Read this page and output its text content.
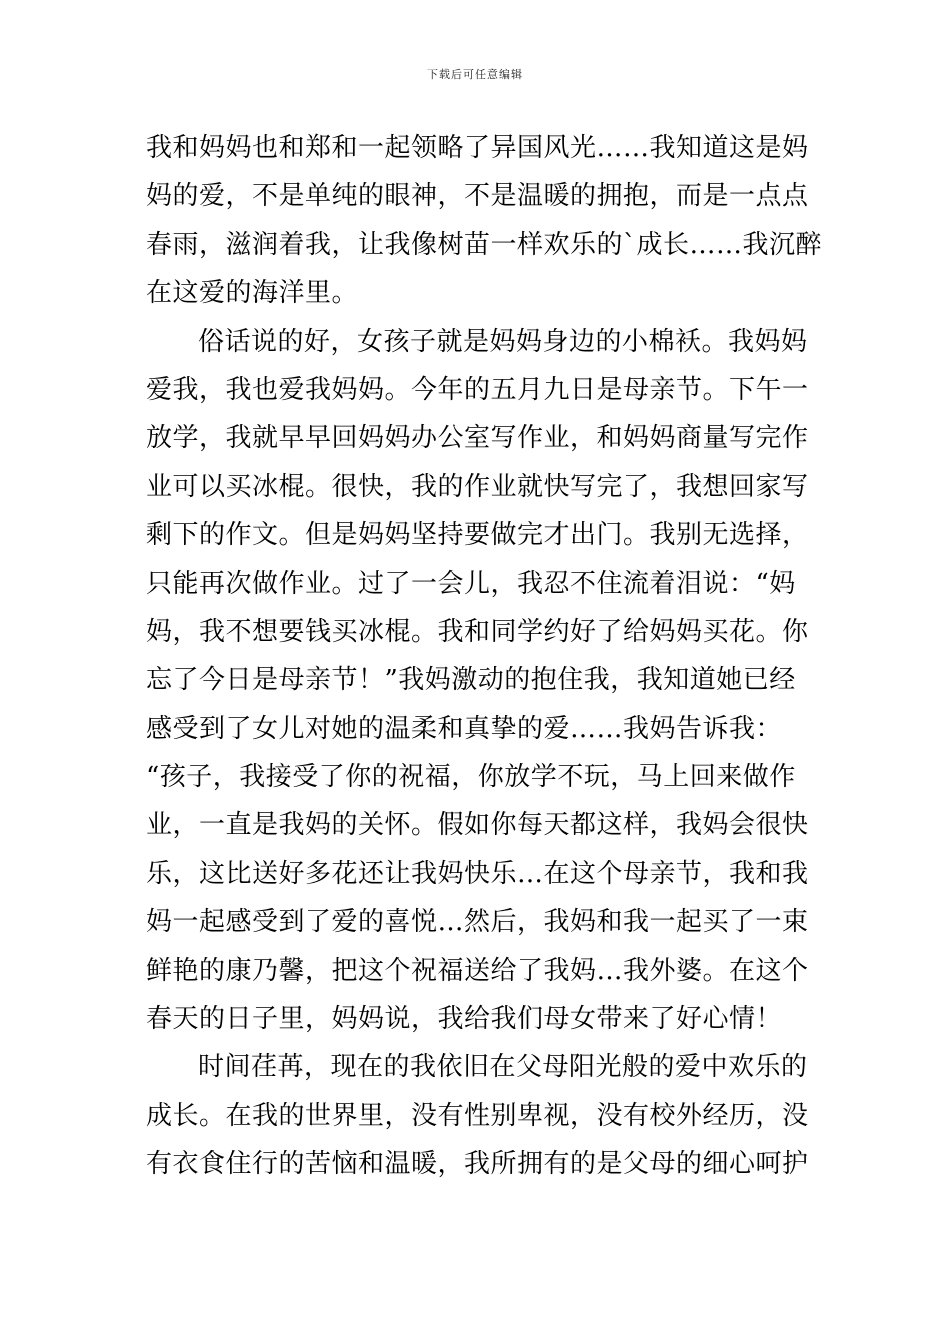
下载后可任意编辑
我和妈妈也和郑和一起领略了异国风光……我知道这是妈
妈的爱，不是单纯的眼神，不是温暖的拥抱，而是一点点
春雨，滋润着我，让我像树苗一样欢乐的`成长……我沉醉
在这爱的海洋里。
俗话说的好，女孩子就是妈妈身边的小棉袄。我妈妈
爱我，我也爱我妈妈。今年的五月九日是母亲节。下午一
放学，我就早早回妈妈办公室写作业，和妈妈商量写完作
业可以买冰棍。很快，我的作业就快写完了，我想回家写
剩下的作文。但是妈妈坚持要做完才出门。我别无选择，
只能再次做作业。过了一会儿，我忍不住流着泪说：“妈
妈，我不想要钱买冰棍。我和同学约好了给妈妈买花。你
忘了今日是母亲节！”我妈激动的抱住我，我知道她已经
感受到了女儿对她的温柔和真挚的爱……我妈告诉我：
“孩子，我接受了你的祝福，你放学不玩，马上回来做作
业，一直是我妈的关怀。假如你每天都这样，我妈会很快
乐，这比送好多花还让我妈快乐…在这个母亲节，我和我
妈一起感受到了爱的喜悦…然后，我妈和我一起买了一束
鲜艳的康乃馨，把这个祝福送给了我妈…我外婆。在这个
春天的日子里，妈妈说，我给我们母女带来了好心情！
时间荏苒，现在的我依旧在父母阳光般的爱中欢乐的
成长。在我的世界里，没有性别卑视，没有校外经历，没
有衣食住行的苦恼和温暖，我所拥有的是父母的细心呵护
